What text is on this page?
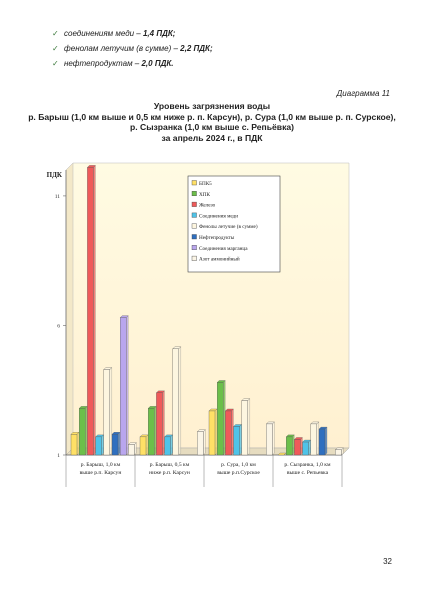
✓ соединениям меди – 1,4 ПДК;
✓ фенолам летучим (в сумме) – 2,2 ПДК;
✓ нефтепродуктам – 2,0 ПДК.
Диаграмма 11
Уровень загрязнения воды
р. Барыш (1,0 км выше и 0,5 км ниже р. п. Карсун), р. Сура (1,0 км выше р. п. Сурское),
р. Сызранка (1,0 км выше с. Репьёвка)
за апрель 2024 г., в ПДК
ПДК
1
6
11
р. Барыш, 1,0 км
выше р.п. Карсун
р. Барыш, 0,5 км
ниже р.п. Карсун
р. Сура, 1,0 км
выше р.п.Сурское
р. Сызранка, 1,0 км
выше с. Репьевка
БПК5
ХПК
Железо
Соединения меди
Фенолы летучие (в сумме)
Нефтепродукты
Соединения марганца
Азот аммонийный
32
